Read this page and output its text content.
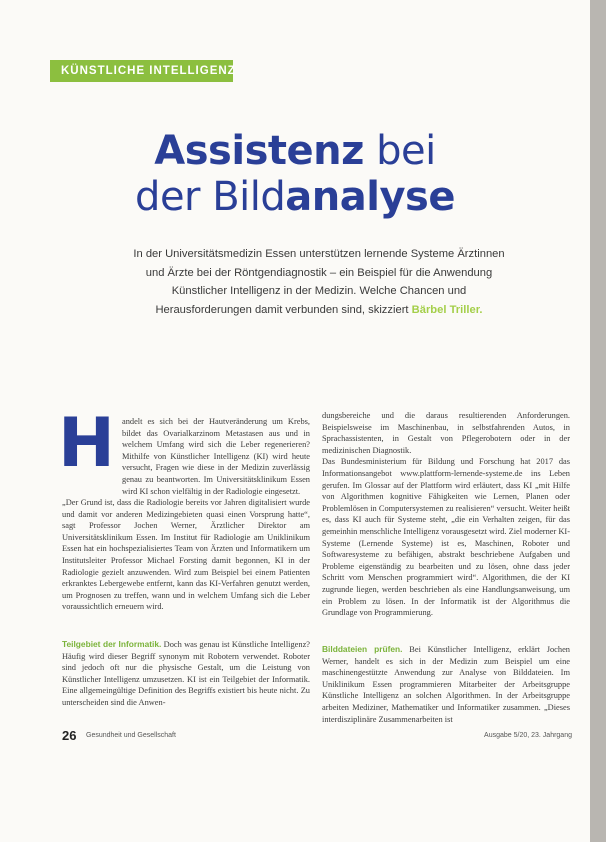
KÜNSTLICHE INTELLIGENZ
Assistenz bei
der Bildanalyse
In der Universitätsmedizin Essen unterstützen lernende Systeme Ärztinnen und Ärzte bei der Röntgendiagnostik – ein Beispiel für die Anwendung Künstlicher Intelligenz in der Medizin. Welche Chancen und Herausforderungen damit verbunden sind, skizziert Bärbel Triller.
H andelt es sich bei der Hautveränderung um Krebs, bildet das Ovarialkarzinom Metastasen aus und in welchem Umfang wird sich die Leber regenerieren? Mithilfe von Künstlicher Intelligenz (KI) wird heute versucht, Fragen wie diese in der Medizin zuverlässig genau zu beantworten. Im Universitätsklinikum Essen wird KI schon vielfältig in der Radiologie eingesetzt.

„Der Grund ist, dass die Radiologie bereits vor Jahren digitalisiert wurde und damit vor anderen Medizingebieten quasi einen Vorsprung hatte“, sagt Professor Jochen Werner, Ärztlicher Direktor am Universitätsklinikum Essen. Im Institut für Radiologie am Uniklinikum Essen hat ein hochspezialisiertes Team von Ärzten und Informatikern um Institutsleiter Professor Michael Forsting damit begonnen, KI in der Radiologie gezielt anzuwenden. Wird zum Beispiel bei einem Patienten erkranktes Lebergewebe entfernt, kann das KI-Verfahren genutzt werden, um Prognosen zu treffen, wann und in welchem Umfang sich die Leber voraussichtlich erneuern wird.

Teilgebiet der Informatik. Doch was genau ist Künstliche Intelligenz? Häufig wird dieser Begriff synonym mit Robotern verwendet. Roboter sind jedoch oft nur die physische Gestalt, um die Leistung von Künstlicher Intelligenz umzusetzen. KI ist ein Teilgebiet der Informatik. Eine allgemeingültige Definition des Begriffs existiert bis heute nicht. Zu unterscheiden sind die Anwen-

dungsbereiche und die daraus resultierenden Anforderungen. Beispielsweise im Maschinenbau, in selbstfahrenden Autos, in Sprachassistenten, in Gestalt von Pflegerobotern oder in der medizinischen Diagnostik.
Das Bundesministerium für Bildung und Forschung hat 2017 das Informationsangebot www.plattform-lernende-systeme.de ins Leben gerufen. Im Glossar auf der Plattform wird erläutert, dass KI „mit Hilfe von Algorithmen kognitive Fähigkeiten wie Lernen, Planen oder Problemlösen in Computersystemen zu realisieren“ versucht. Weiter heißt es, dass KI auch für Systeme steht, „die ein Verhalten zeigen, für das gemeinhin menschliche Intelligenz vorausgesetzt wird. Ziel moderner KI-Systeme (Lernende Systeme) ist es, Maschinen, Roboter und Softwaresysteme zu befähigen, abstrakt beschriebene Aufgaben und Probleme eigenständig zu bearbeiten und zu lösen, ohne dass jeder Schritt vom Menschen programmiert wird“. Algorithmen, die der KI zugrunde liegen, werden beschrieben als eine Handlungsanweisung, um ein Problem zu lösen. In der Informatik ist der Algorithmus die Grundlage von Programmierung.

Bilddateien prüfen. Bei Künstlicher Intelligenz, erklärt Jochen Werner, handelt es sich in der Medizin zum Beispiel um eine maschinengestützte Anwendung zur Analyse von Bilddateien. Im Uniklinikum Essen programmieren Mitarbeiter der Arbeitsgruppe Künstliche Intelligenz an solchen Algorithmen. In der Arbeitsgruppe arbeiten Mediziner, Mathematiker und Informatiker zusammen. „Dieses interdisziplinäre Zusammenarbeiten ist

26 Gesundheit und Gesellschaft	Ausgabe 5/20, 23. Jahrgang
